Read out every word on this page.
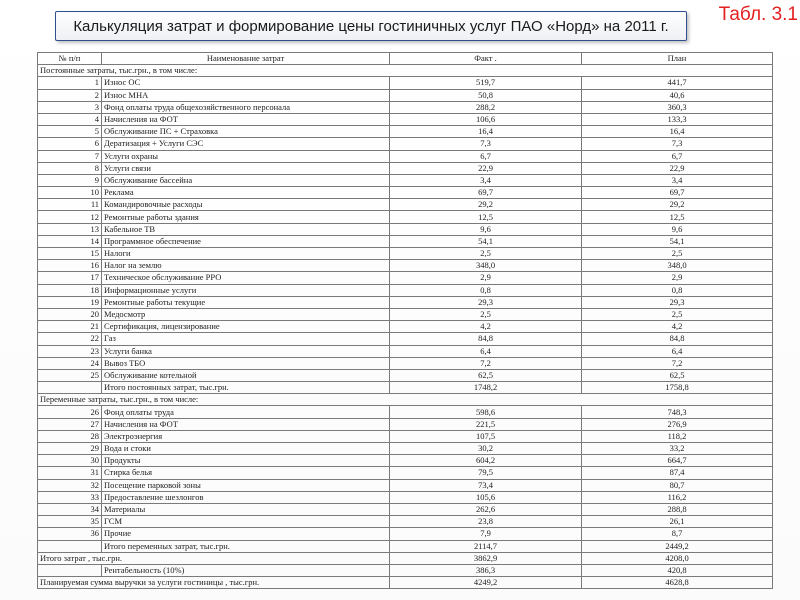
Калькуляция затрат и формирование цены гостиничных услуг ПАО «Норд» на 2011 г.
Табл. 3.1
№ п/п	Наименование затрат	Факт .	План
Постоянные затраты, тыс.грн., в том числе:			
1	Износ ОС	519,7	441,7
2	Износ МНА	50,8	40,6
3	Фонд оплаты труда общехозяйственного персонала	288,2	360,3
4	Начисления на ФОТ	106,6	133,3
5	Обслуживание ПС + Страховка	16,4	16,4
6	Дератизация + Услуги СЭС	7,3	7,3
7	Услуги охраны	6,7	6,7
8	Услуги связи	22,9	22,9
9	Обслуживание бассейна	3,4	3,4
10	Реклама	69,7	69,7
11	Командировочные расходы	29,2	29,2
12	Ремонтные работы здания	12,5	12,5
13	Кабельное ТВ	9,6	9,6
14	Программное обеспечение	54,1	54,1
15	Налоги	2,5	2,5
16	Налог на землю	348,0	348,0
17	Техническое обслуживание РРО	2,9	2,9
18	Информационные услуги	0,8	0,8
19	Ремонтные работы текущие	29,3	29,3
20	Медосмотр	2,5	2,5
21	Сертификация, лицензирование	4,2	4,2
22	Газ	84,8	84,8
23	Услуги банка	6,4	6,4
24	Вывоз ТБО	7,2	7,2
25	Обслуживание котельной	62,5	62,5
	Итого постоянных затрат, тыс.грн.	1748,2	1758,8
Переменные затраты, тыс.грн., в том числе:			
26	Фонд оплаты труда	598,6	748,3
27	Начисления на ФОТ	221,5	276,9
28	Электроэнергия	107,5	118,2
29	Вода и стоки	30,2	33,2
30	Продукты	604,2	664,7
31	Стирка белья	79,5	87,4
32	Посещение парковой зоны	73,4	80,7
33	Предоставление шезлонгов	105,6	116,2
34	Материалы	262,6	288,8
35	ГСМ	23,8	26,1
36	Прочие	7,9	8,7
	Итого переменных затрат, тыс.грн.	2114,7	2449,2
Итого затрат , тыс.грн.		3862,9	4208,0
	Рентабельность (10%)	386,3	420,8
Планируемая сумма выручки за услуги гостиницы , тыс.грн.		4249,2	4628,8
